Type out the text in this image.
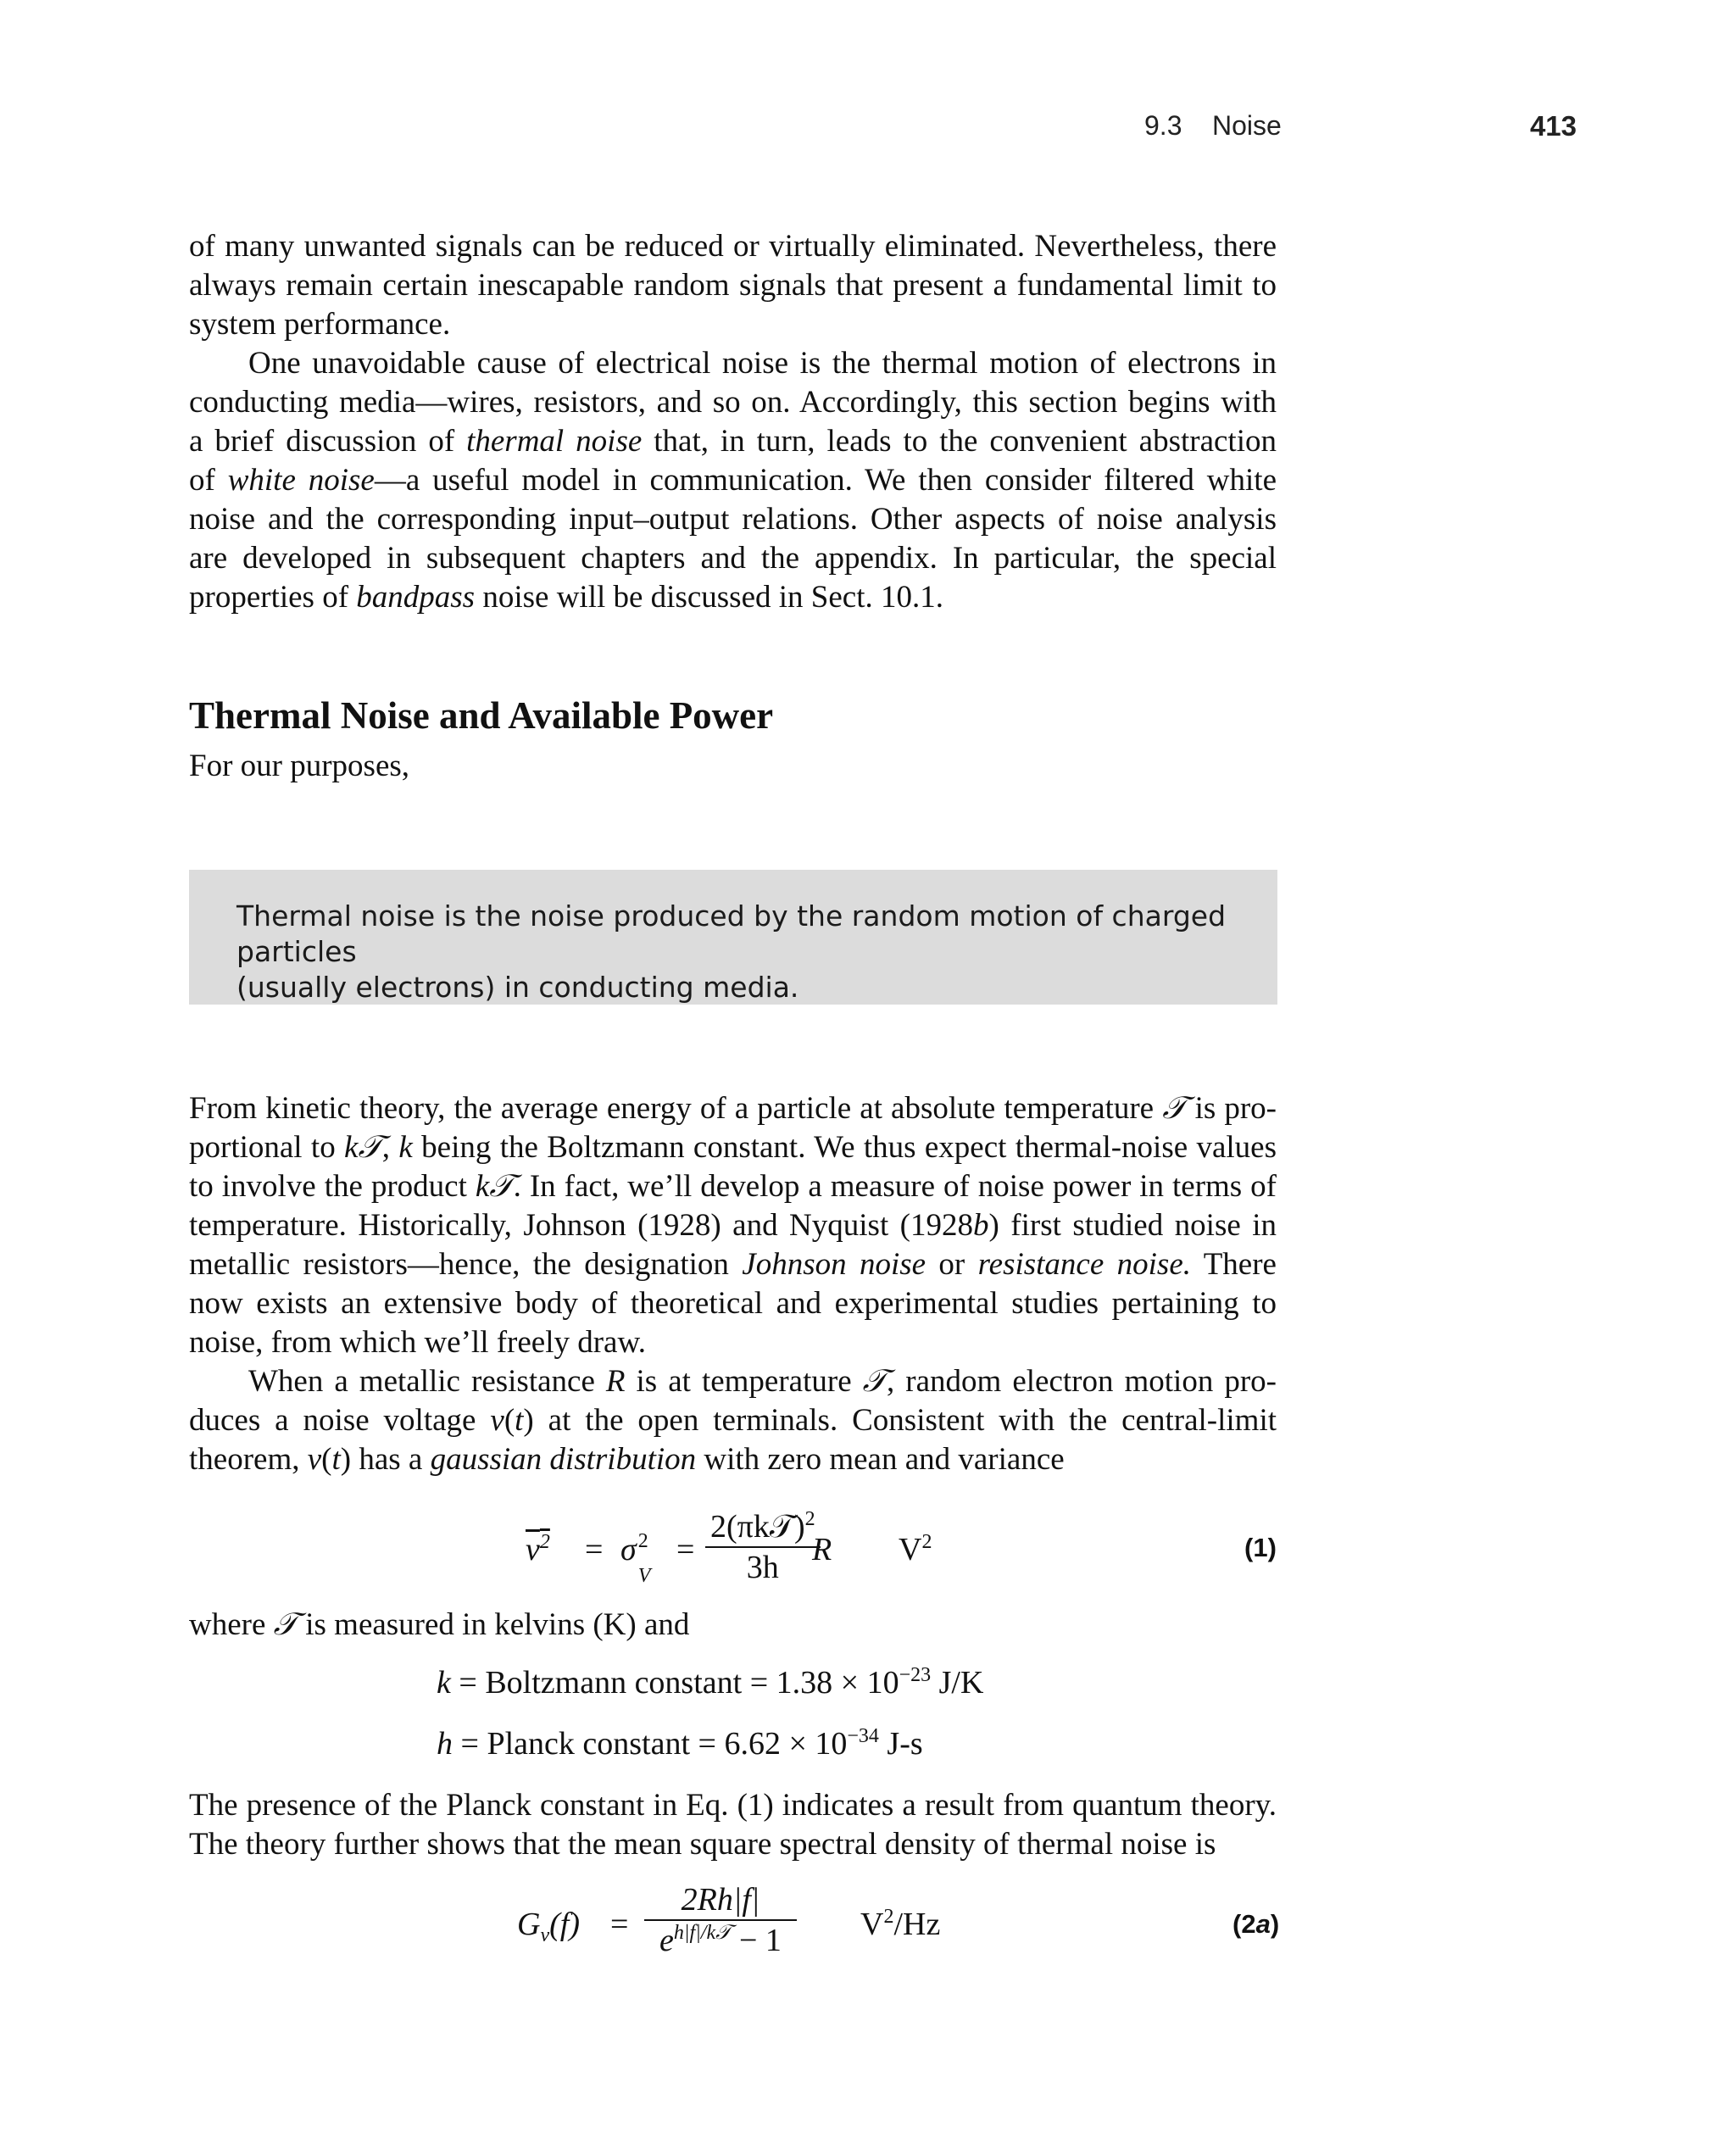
9.3 Noise	413
of many unwanted signals can be reduced or virtually eliminated. Nevertheless, there
always remain certain inescapable random signals that present a fundamental limit to
system performance.
One unavoidable cause of electrical noise is the thermal motion of electrons in
conducting media—wires, resistors, and so on. Accordingly, this section begins with
a brief discussion of thermal noise that, in turn, leads to the convenient abstraction
of white noise—a useful model in communication. We then consider filtered white
noise and the corresponding input–output relations. Other aspects of noise analysis
are developed in subsequent chapters and the appendix. In particular, the special
properties of bandpass noise will be discussed in Sect. 10.1.
Thermal Noise and Available Power
For our purposes,
Thermal noise is the noise produced by the random motion of charged particles
(usually electrons) in conducting media.
From kinetic theory, the average energy of a particle at absolute temperature 𝒯 is pro-
portional to k𝒯, k being the Boltzmann constant. We thus expect thermal-noise values
to involve the product k𝒯. In fact, we’ll develop a measure of noise power in terms of
temperature. Historically, Johnson (1928) and Nyquist (1928b) first studied noise in
metallic resistors—hence, the designation Johnson noise or resistance noise. There
now exists an extensive body of theoretical and experimental studies pertaining to
noise, from which we’ll freely draw.
When a metallic resistance R is at temperature 𝒯, random electron motion pro-
duces a noise voltage v(t) at the open terminals. Consistent with the central-limit
theorem, v(t) has a gaussian distribution with zero mean and variance
$v^2 = \sigma$ 2
V
=
2(πk𝒯)$^2$
3h	R $V^2$	(1)
where 𝒯 is measured in kelvins (K) and
k = Boltzmann constant = $1.38 \times 10^{-23}$ J/K
h = Planck constant = $6.62 \times 10^{-34}$ J-s
The presence of the Planck constant in Eq. (1) indicates a result from quantum theory.
The theory further shows that the mean square spectral density of thermal noise is
$G_v(f)$ =
2Rh|f|
$e^{h|f|/k𝒯} - 1$	$V^2/Hz$	(2a)
